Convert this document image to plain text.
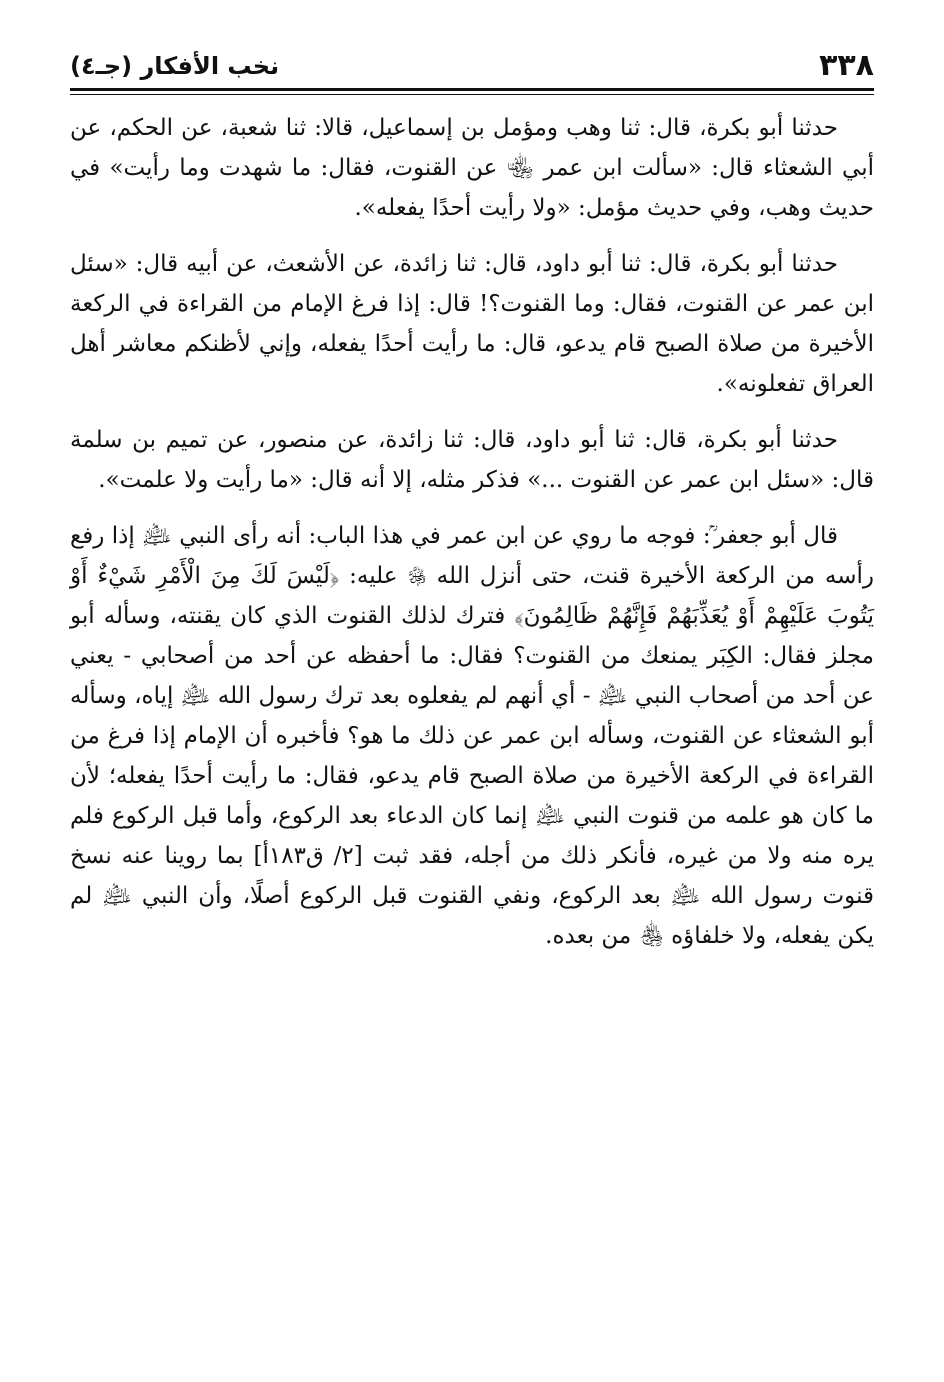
٣٣٨
نخب الأفكار (جـ٤)

حدثنا أبو بكرة، قال: ثنا وهب ومؤمل بن إسماعيل، قالا: ثنا شعبة، عن الحكم، عن أبي الشعثاء قال: «سألت ابن عمر ﵄ عن القنوت، فقال: ما شهدت وما رأيت» في حديث وهب، وفي حديث مؤمل: «ولا رأيت أحدًا يفعله».

حدثنا أبو بكرة، قال: ثنا أبو داود، قال: ثنا زائدة، عن الأشعث، عن أبيه قال: «سئل ابن عمر عن القنوت، فقال: وما القنوت؟! قال: إذا فرغ الإمام من القراءة في الركعة الأخيرة من صلاة الصبح قام يدعو، قال: ما رأيت أحدًا يفعله، وإني لأظنكم معاشر أهل العراق تفعلونه».

حدثنا أبو بكرة، قال: ثنا أبو داود، قال: ثنا زائدة، عن منصور، عن تميم بن سلمة قال: «سئل ابن عمر عن القنوت ...» فذكر مثله، إلا أنه قال: «ما رأيت ولا علمت».

قال أبو جعفر ؒ: فوجه ما روي عن ابن عمر في هذا الباب: أنه رأى النبي ﵇ إذا رفع رأسه من الركعة الأخيرة قنت، حتى أنزل الله ﷿ عليه: ﴿لَيْسَ لَكَ مِنَ الْأَمْرِ شَيْءٌ أَوْ يَتُوبَ عَلَيْهِمْ أَوْ يُعَذِّبَهُمْ فَإِنَّهُمْ ظَالِمُونَ﴾ فترك لذلك القنوت الذي كان يقنته، وسأله أبو مجلز فقال: الكِبَر يمنعك من القنوت؟ فقال: ما أحفظه عن أحد من أصحابي - يعني عن أحد من أصحاب النبي ﵇ - أي أنهم لم يفعلوه بعد ترك رسول الله ﵇ إياه، وسأله أبو الشعثاء عن القنوت، وسأله ابن عمر عن ذلك ما هو؟ فأخبره أن الإمام إذا فرغ من القراءة في الركعة الأخيرة من صلاة الصبح قام يدعو، فقال: ما رأيت أحدًا يفعله؛ لأن ما كان هو علمه من قنوت النبي ﵇ إنما كان الدعاء بعد الركوع، وأما قبل الركوع فلم يره منه ولا من غيره، فأنكر ذلك من أجله، فقد ثبت [٢/ ق١٨٣أ] بما روينا عنه نسخ قنوت رسول الله ﵇ بعد الركوع، ونفي القنوت قبل الركوع أصلًا، وأن النبي ﵇ لم يكن يفعله، ولا خلفاؤه ﵃ من بعده.
